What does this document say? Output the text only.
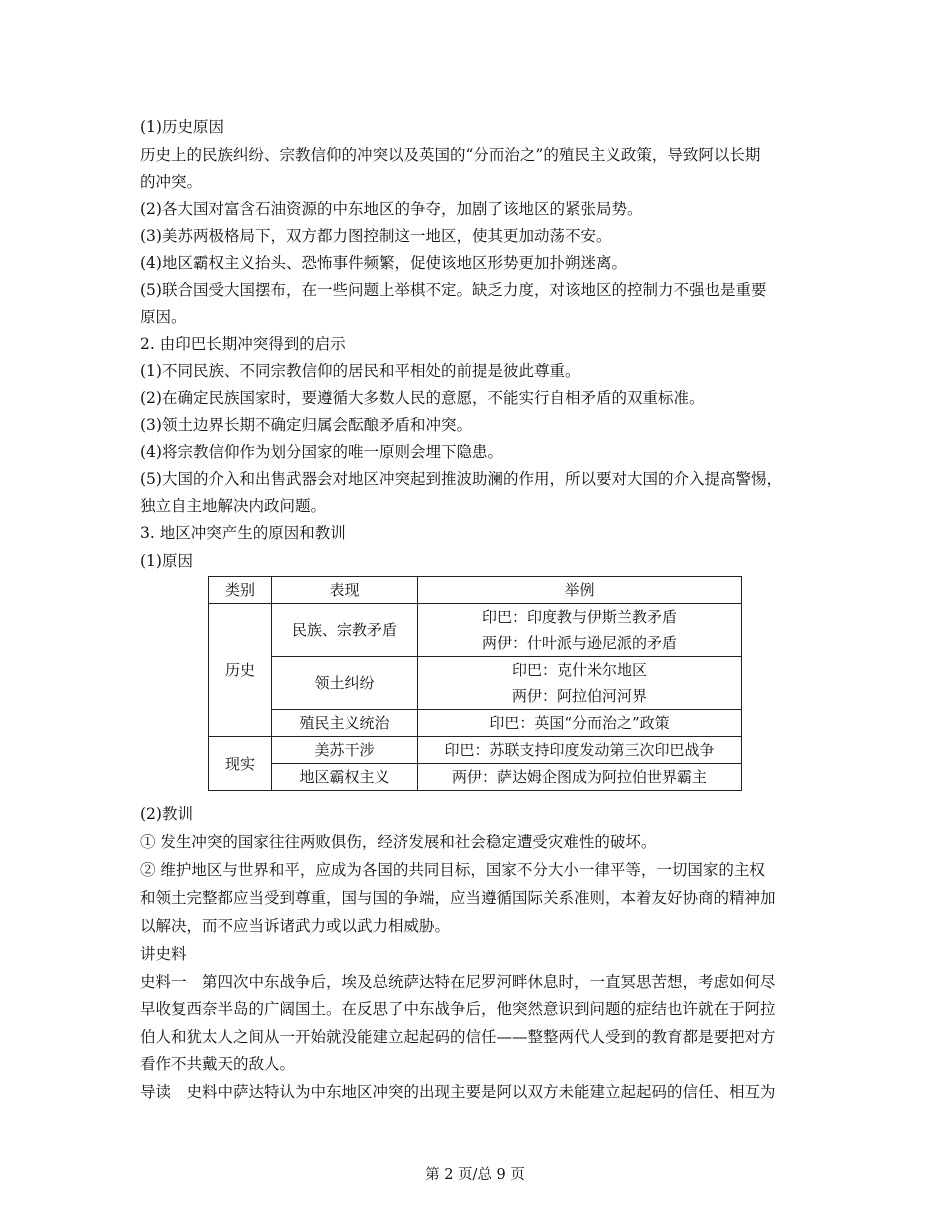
(1)历史原因
历史上的民族纠纷、宗教信仰的冲突以及英国的“分而治之”的殖民主义政策，导致阿以长期
的冲突。
(2)各大国对富含石油资源的中东地区的争夺，加剧了该地区的紧张局势。
(3)美苏两极格局下，双方都力图控制这一地区，使其更加动荡不安。
(4)地区霸权主义抬头、恐怖事件频繁，促使该地区形势更加扑朔迷离。
(5)联合国受大国摆布，在一些问题上举棋不定。缺乏力度，对该地区的控制力不强也是重要
原因。
2. 由印巴长期冲突得到的启示
(1)不同民族、不同宗教信仰的居民和平相处的前提是彼此尊重。
(2)在确定民族国家时，要遵循大多数人民的意愿，不能实行自相矛盾的双重标准。
(3)领土边界长期不确定归属会酝酿矛盾和冲突。
(4)将宗教信仰作为划分国家的唯一原则会埋下隐患。
(5)大国的介入和出售武器会对地区冲突起到推波助澜的作用，所以要对大国的介入提高警惕，
独立自主地解决内政问题。
3. 地区冲突产生的原因和教训
(1)原因
类别	表现	举例
历史	民族、宗教矛盾	印巴：印度教与伊斯兰教矛盾
两伊：什叶派与逊尼派的矛盾

	领土纠纷	印巴：克什米尔地区
两伊：阿拉伯河河界

	殖民主义统治	印巴：英国“分而治之”政策
现实	美苏干涉	印巴：苏联支持印度发动第三次印巴战争
	地区霸权主义	两伊：萨达姆企图成为阿拉伯世界霸主
(2)教训
① 发生冲突的国家往往两败俱伤，经济发展和社会稳定遭受灾难性的破坏。
② 维护地区与世界和平，应成为各国的共同目标，国家不分大小一律平等，一切国家的主权
和领土完整都应当受到尊重，国与国的争端，应当遵循国际关系准则，本着友好协商的精神加
以解决，而不应当诉诸武力或以武力相威胁。
讲史料
史料一　第四次中东战争后，埃及总统萨达特在尼罗河畔休息时，一直冥思苦想，考虑如何尽
早收复西奈半岛的广阔国土。在反思了中东战争后，他突然意识到问题的症结也许就在于阿拉
伯人和犹太人之间从一开始就没能建立起起码的信任——整整两代人受到的教育都是要把对方
看作不共戴天的敌人。
导读　史料中萨达特认为中东地区冲突的出现主要是阿以双方未能建立起起码的信任、相互为
第 2 页/总 9 页
